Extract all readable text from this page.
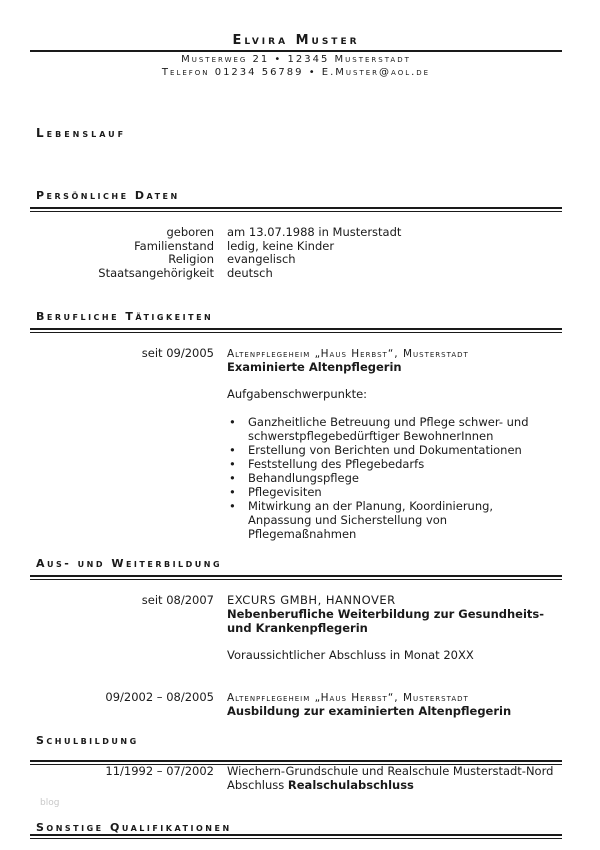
Elvira Muster
Musterweg 21 • 12345 Musterstadt
Telefon 01234 56789 • E.Muster@aol.de
Lebenslauf
Persönliche Daten
geboren am 13.07.1988 in Musterstadt
Familienstand ledig, keine Kinder
Religion evangelisch
Staatsangehörigkeit deutsch
Berufliche Tätigkeiten
seit 09/2005 Altenpflegeheim „Haus Herbst“, Musterstadt
Examinierte Altenpflegerin
Aufgabenschwerpunkte:
• Ganzheitliche Betreuung und Pflege schwer- und schwerstpflegebedürftiger BewohnerInnen
• Erstellung von Berichten und Dokumentationen
• Feststellung des Pflegebedarfs
• Behandlungspflege
• Pflegevisiten
• Mitwirkung an der Planung, Koordinierung, Anpassung und Sicherstellung von Pflegemaßnahmen
Aus- und Weiterbildung
seit 08/2007 EXCURS GMBH, HANNOVER
Nebenberufliche Weiterbildung zur Gesundheits-
und Krankenpflegerin
Voraussichtlicher Abschluss in Monat 20XX
09/2002 – 08/2005 Altenpflegeheim „Haus Herbst“, Musterstadt
Ausbildung zur examinierten Altenpflegerin
Schulbildung
11/1992 – 07/2002 Wiechern-Grundschule und Realschule Musterstadt-Nord
Abschluss Realschulabschluss
blog
Sonstige Qualifikationen
